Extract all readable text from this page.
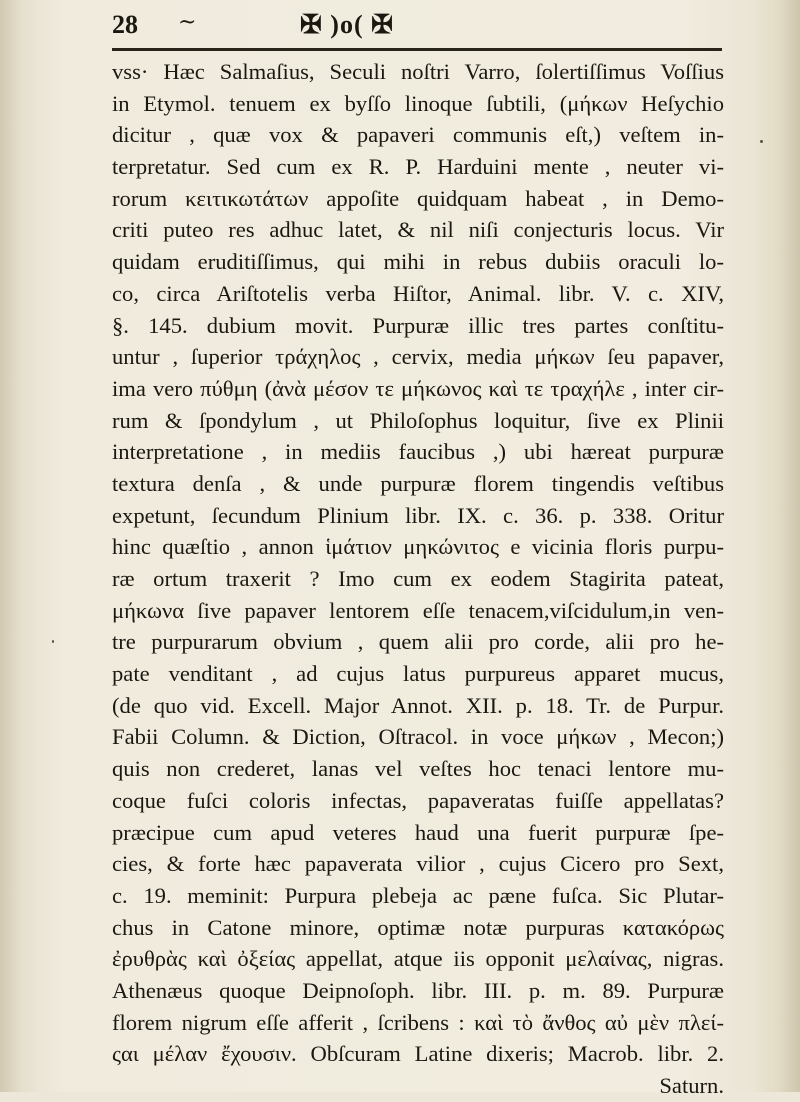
28 ~	✠ )o( ✠
vss· Hæc Salmaſius, Seculi noſtri Varro, ſolertiſſimus Voſſius
in Etymol. tenuem ex byſſo linoque ſubtili, (μήκων Heſychio
dicitur , quæ vox & papaveri communis eſt,) veſtem in-
terpretatur. Sed cum ex R. P. Harduini mente , neuter vi-
rorum κειτικωτάτων appoſite quidquam habeat , in Demo-
criti puteo res adhuc latet, & nil niſi conjecturis locus. Vir
quidam eruditiſſimus, qui mihi in rebus dubiis oraculi lo-
co, circa Ariſtotelis verba Hiſtor, Animal. libr. V. c. XIV,
§. 145. dubium movit. Purpuræ illic tres partes conſtitu-
untur , ſuperior τράχηλος , cervix, media μήκων ſeu papaver,
ima vero πύθμη (ἀνὰ μέσον τε μήκωνος καὶ τε τραχήλε , inter cir-
rum & ſpondylum , ut Philoſophus loquitur, ſive ex Plinii
interpretatione , in mediis faucibus ,) ubi hæreat purpuræ
textura denſa , & unde purpuræ florem tingendis veſtibus
expetunt, ſecundum Plinium libr. IX. c. 36. p. 338. Oritur
hinc quæſtio , annon ἱμάτιον μηκώνιτος e vicinia floris purpu-
ræ ortum traxerit ? Imo cum ex eodem Stagirita pateat,
μήκωνα ſive papaver lentorem eſſe tenacem,viſcidulum,in ven-
tre purpurarum obvium , quem alii pro corde, alii pro he-
pate venditant , ad cujus latus purpureus apparet mucus,
(de quo vid. Excell. Major Annot. XII. p. 18. Tr. de Purpur.
Fabii Column. & Diction, Oſtracol. in voce μήκων , Mecon;)
quis non crederet, lanas vel veſtes hoc tenaci lentore mu-
coque fuſci coloris infectas, papaveratas fuiſſe appellatas?
præcipue cum apud veteres haud una fuerit purpuræ ſpe-
cies, & forte hæc papaverata vilior , cujus Cicero pro Sext,
c. 19. meminit: Purpura plebeja ac pæne fuſca. Sic Plutar-
chus in Catone minore, optimæ notæ purpuras κατακόρως
ἐρυθρὰς καὶ ὀξείας appellat, atque iis opponit μελαίνας, nigras.
Athenæus quoque Deipnoſoph. libr. III. p. m. 89. Purpuræ
florem nigrum eſſe afferit , ſcribens : καὶ τὸ ἄνθος αὐ μὲν πλεί-
ςαι μέλαν ἔχουσιν. Obſcuram Latine dixeris; Macrob. libr. 2.
Saturn.
